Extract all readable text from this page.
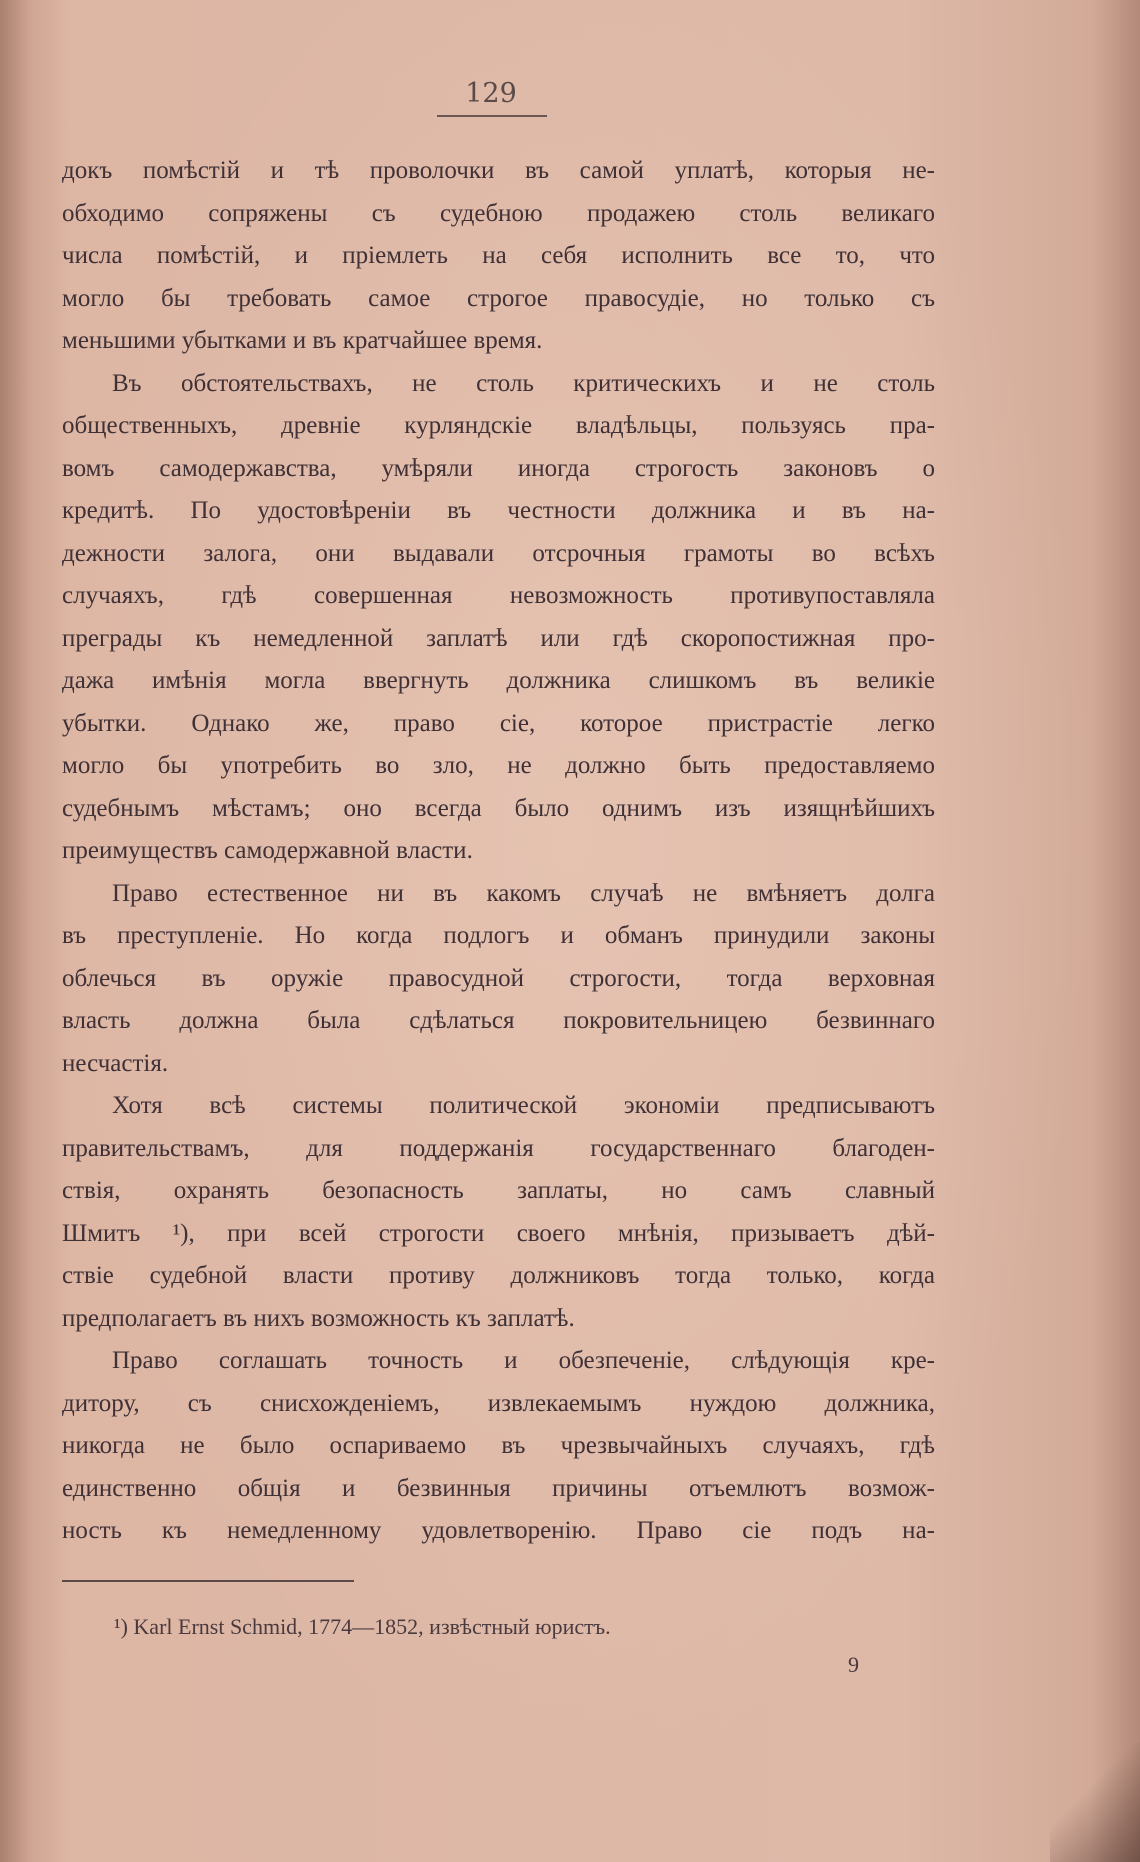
129
докъ помѣстій и тѣ проволочки въ самой уплатѣ, которыя не-
обходимо сопряжены съ судебною продажею столь великаго
числа помѣстій, и пріемлеть на себя исполнить все то, что
могло бы требовать самое строгое правосудіе, но только съ
меньшими убытками и въ кратчайшее время.
Въ обстоятельствахъ, не столь критическихъ и не столь
общественныхъ, древніе курляндскіе владѣльцы, пользуясь пра-
вомъ самодержавства, умѣряли иногда строгость законовъ о
кредитѣ. По удостовѣреніи въ честности должника и въ на-
дежности залога, они выдавали отсрочныя грамоты во всѣхъ
случаяхъ, гдѣ совершенная невозможность противупоставляла
преграды къ немедленной заплатѣ или гдѣ скоропостижная про-
дажа имѣнія могла ввергнуть должника слишкомъ въ великіе
убытки. Однако же, право сіе, которое пристрастіе легко
могло бы употребить во зло, не должно быть предоставляемо
судебнымъ мѣстамъ; оно всегда было однимъ изъ изящнѣйшихъ
преимуществъ самодержавной власти.
Право естественное ни въ какомъ случаѣ не вмѣняетъ долга
въ преступленіе. Но когда подлогъ и обманъ принудили законы
облечься въ оружіе правосудной строгости, тогда верховная
власть должна была сдѣлаться покровительницею безвиннаго
несчастія.
Хотя всѣ системы политической экономіи предписываютъ
правительствамъ, для поддержанія государственнаго благоден-
ствія, охранять безопасность заплаты, но самъ славный
Шмитъ ¹), при всей строгости своего мнѣнія, призываетъ дѣй-
ствіе судебной власти противу должниковъ тогда только, когда
предполагаетъ въ нихъ возможность къ заплатѣ.
Право соглашать точность и обезпеченіе, слѣдующія кре-
дитору, съ снисхожденіемъ, извлекаемымъ нуждою должника,
никогда не было оспариваемо въ чрезвычайныхъ случаяхъ, гдѣ
единственно общія и безвинныя причины отъемлютъ возмож-
ность къ немедленному удовлетворенію. Право сіе подъ на-
¹) Karl Ernst Schmid, 1774—1852, извѣстный юристъ.
9
